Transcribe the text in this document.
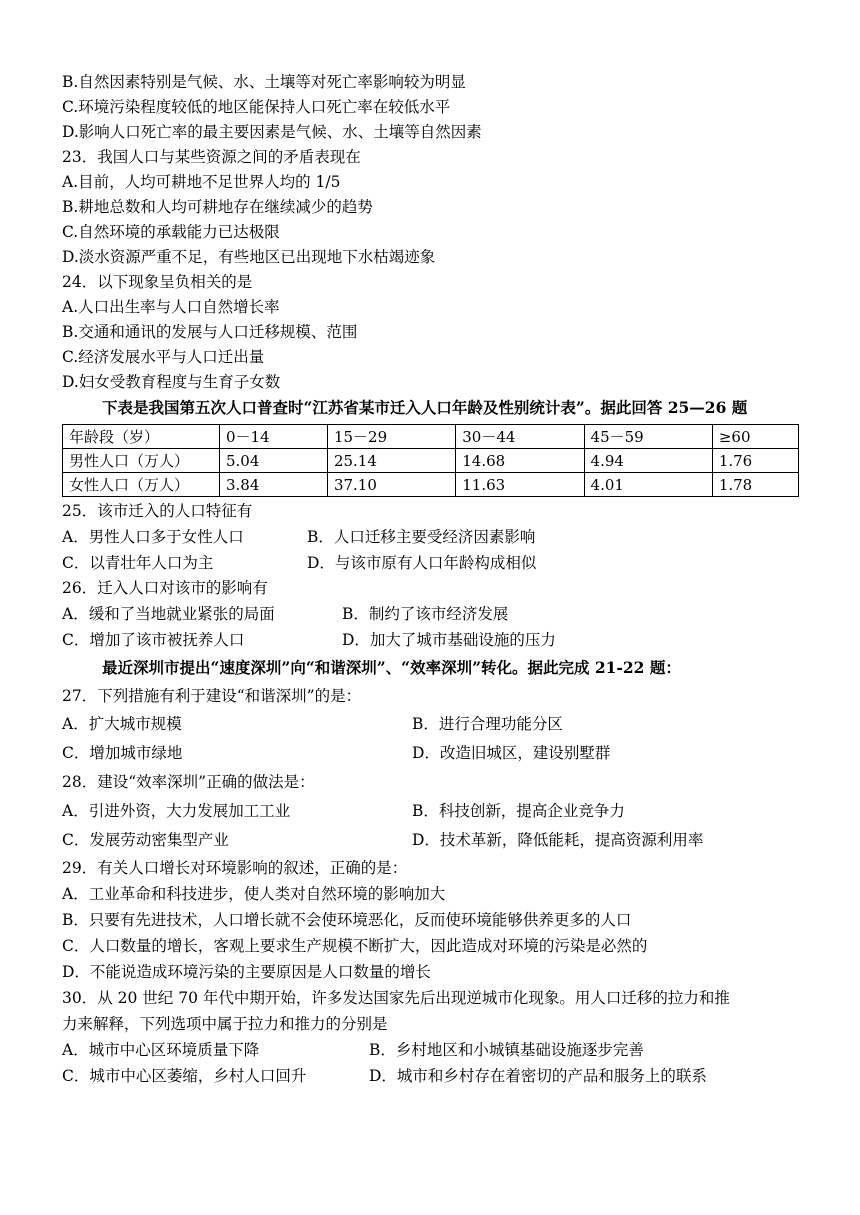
B.自然因素特别是气候、水、土壤等对死亡率影响较为明显
C.环境污染程度较低的地区能保持人口死亡率在较低水平
D.影响人口死亡率的最主要因素是气候、水、土壤等自然因素
23．我国人口与某些资源之间的矛盾表现在
A.目前，人均可耕地不足世界人均的 1/5
B.耕地总数和人均可耕地存在继续减少的趋势
C.自然环境的承载能力已达极限
D.淡水资源严重不足，有些地区已出现地下水枯竭迹象
24．以下现象呈负相关的是
A.人口出生率与人口自然增长率
B.交通和通讯的发展与人口迁移规模、范围
C.经济发展水平与人口迁出量
D.妇女受教育程度与生育子女数
下表是我国第五次人口普查时“江苏省某市迁入人口年龄及性别统计表”。据此回答 25—26 题
年龄段（岁）	0－14	15－29	30－44	45－59	≥60
男性人口（万人）	5.04	25.14	14.68	4.94	1.76
女性人口（万人）	3.84	37.10	11.63	4.01	1.78
25．该市迁入的人口特征有
A．男性人口多于女性人口	B．人口迁移主要受经济因素影响
C．以青壮年人口为主	D．与该市原有人口年龄构成相似
26．迁入人口对该市的影响有
A．缓和了当地就业紧张的局面	B．制约了该市经济发展
C．增加了该市被抚养人口	D．加大了城市基础设施的压力
最近深圳市提出“速度深圳”向“和谐深圳”、“效率深圳”转化。据此完成 21-22 题：
27．下列措施有利于建设“和谐深圳”的是：
A．扩大城市规模	B．进行合理功能分区
C．增加城市绿地	D．改造旧城区，建设别墅群
28．建设“效率深圳”正确的做法是：
A．引进外资，大力发展加工工业	B．科技创新，提高企业竞争力
C．发展劳动密集型产业	D．技术革新，降低能耗，提高资源利用率
29．有关人口增长对环境影响的叙述，正确的是：
A．工业革命和科技进步，使人类对自然环境的影响加大
B．只要有先进技术，人口增长就不会使环境恶化，反而使环境能够供养更多的人口
C．人口数量的增长，客观上要求生产规模不断扩大，因此造成对环境的污染是必然的
D．不能说造成环境污染的主要原因是人口数量的增长
30．从 20 世纪 70 年代中期开始，许多发达国家先后出现逆城市化现象。用人口迁移的拉力和推
力来解释，下列选项中属于拉力和推力的分别是
A．城市中心区环境质量下降	B．乡村地区和小城镇基础设施逐步完善
C．城市中心区萎缩，乡村人口回升	D．城市和乡村存在着密切的产品和服务上的联系
